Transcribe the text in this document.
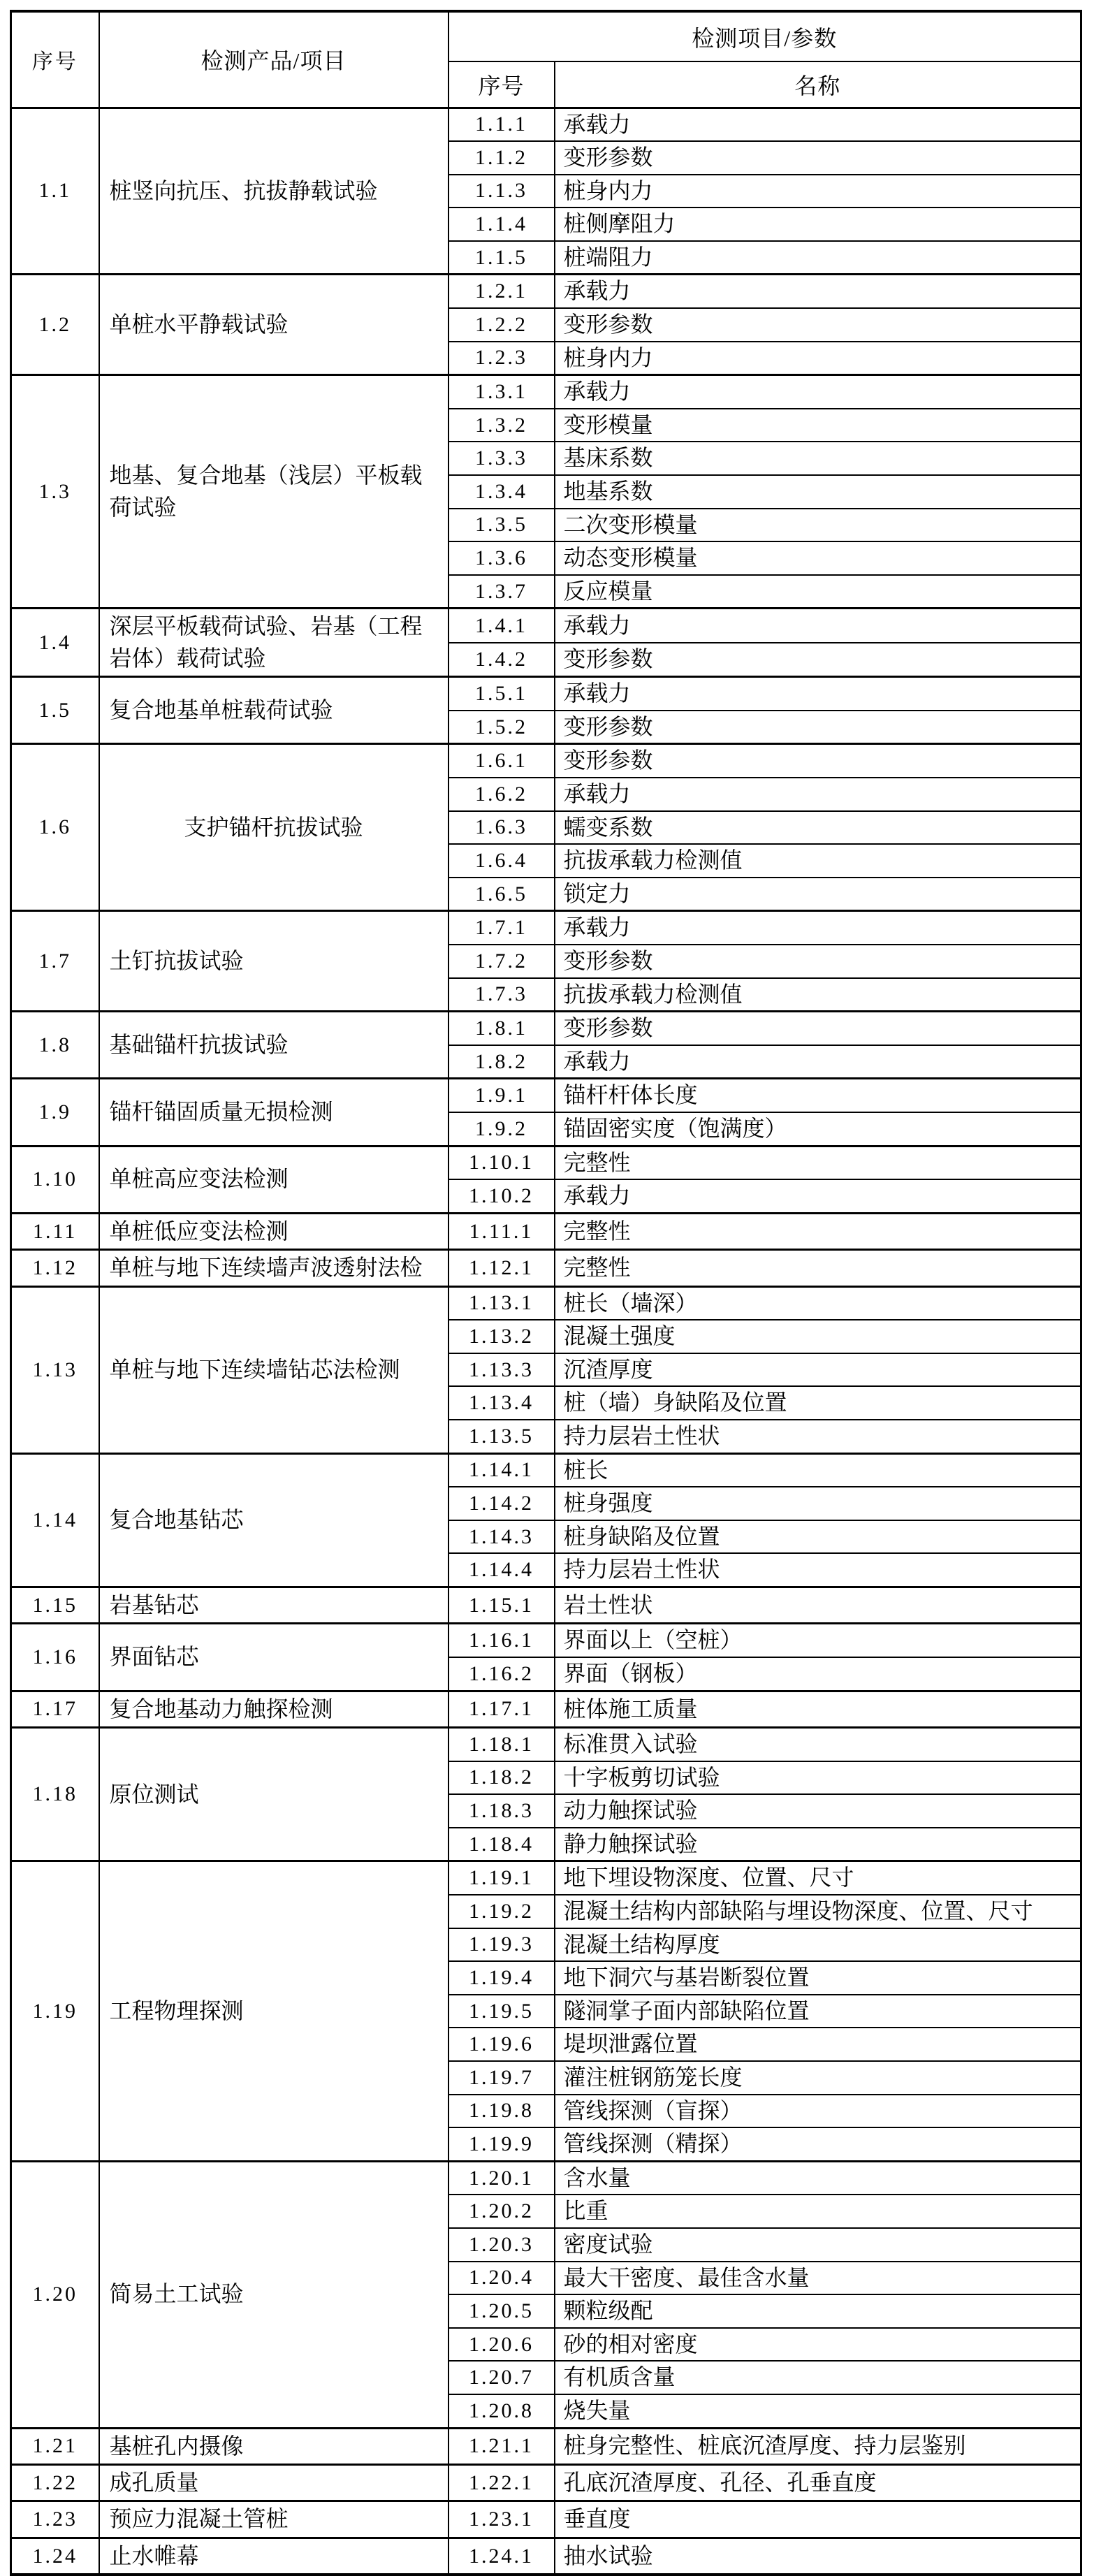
序号	检测产品/项目	检测项目/参数	
		序号	名称
1.1	桩竖向抗压、抗拔静载试验	1.1.1	承载力
		1.1.2	变形参数
		1.1.3	桩身内力
		1.1.4	桩侧摩阻力
		1.1.5	桩端阻力
1.2	单桩水平静载试验	1.2.1	承载力
		1.2.2	变形参数
		1.2.3	桩身内力
1.3	地基、复合地基（浅层）平板载荷试验	1.3.1	承载力
		1.3.2	变形模量
		1.3.3	基床系数
		1.3.4	地基系数
		1.3.5	二次变形模量
		1.3.6	动态变形模量
		1.3.7	反应模量
1.4	深层平板载荷试验、岩基（工程岩体）载荷试验	1.4.1	承载力
		1.4.2	变形参数
1.5	复合地基单桩载荷试验	1.5.1	承载力
		1.5.2	变形参数
1.6	支护锚杆抗拔试验	1.6.1	变形参数
		1.6.2	承载力
		1.6.3	蠕变系数
		1.6.4	抗拔承载力检测值
		1.6.5	锁定力
1.7	土钉抗拔试验	1.7.1	承载力
		1.7.2	变形参数
		1.7.3	抗拔承载力检测值
1.8	基础锚杆抗拔试验	1.8.1	变形参数
		1.8.2	承载力
1.9	锚杆锚固质量无损检测	1.9.1	锚杆杆体长度
		1.9.2	锚固密实度（饱满度）
1.10	单桩高应变法检测	1.10.1	完整性
		1.10.2	承载力
1.11	单桩低应变法检测	1.11.1	完整性
1.12	单桩与地下连续墙声波透射法检	1.12.1	完整性
1.13	单桩与地下连续墙钻芯法检测	1.13.1	桩长（墙深）
		1.13.2	混凝土强度
		1.13.3	沉渣厚度
		1.13.4	桩（墙）身缺陷及位置
		1.13.5	持力层岩土性状
1.14	复合地基钻芯	1.14.1	桩长
		1.14.2	桩身强度
		1.14.3	桩身缺陷及位置
		1.14.4	持力层岩土性状
1.15	岩基钻芯	1.15.1	岩土性状
1.16	界面钻芯	1.16.1	界面以上（空桩）
		1.16.2	界面（钢板）
1.17	复合地基动力触探检测	1.17.1	桩体施工质量
1.18	原位测试	1.18.1	标准贯入试验
		1.18.2	十字板剪切试验
		1.18.3	动力触探试验
		1.18.4	静力触探试验
1.19	工程物理探测	1.19.1	地下埋设物深度、位置、尺寸
		1.19.2	混凝土结构内部缺陷与埋设物深度、位置、尺寸
		1.19.3	混凝土结构厚度
		1.19.4	地下洞穴与基岩断裂位置
		1.19.5	隧洞掌子面内部缺陷位置
		1.19.6	堤坝泄露位置
		1.19.7	灌注桩钢筋笼长度
		1.19.8	管线探测（盲探）
		1.19.9	管线探测（精探）
1.20	简易土工试验	1.20.1	含水量
		1.20.2	比重
		1.20.3	密度试验
		1.20.4	最大干密度、最佳含水量
		1.20.5	颗粒级配
		1.20.6	砂的相对密度
		1.20.7	有机质含量
		1.20.8	烧失量
1.21	基桩孔内摄像	1.21.1	桩身完整性、桩底沉渣厚度、持力层鉴别
1.22	成孔质量	1.22.1	孔底沉渣厚度、孔径、孔垂直度
1.23	预应力混凝土管桩	1.23.1	垂直度
1.24	止水帷幕	1.24.1	抽水试验
